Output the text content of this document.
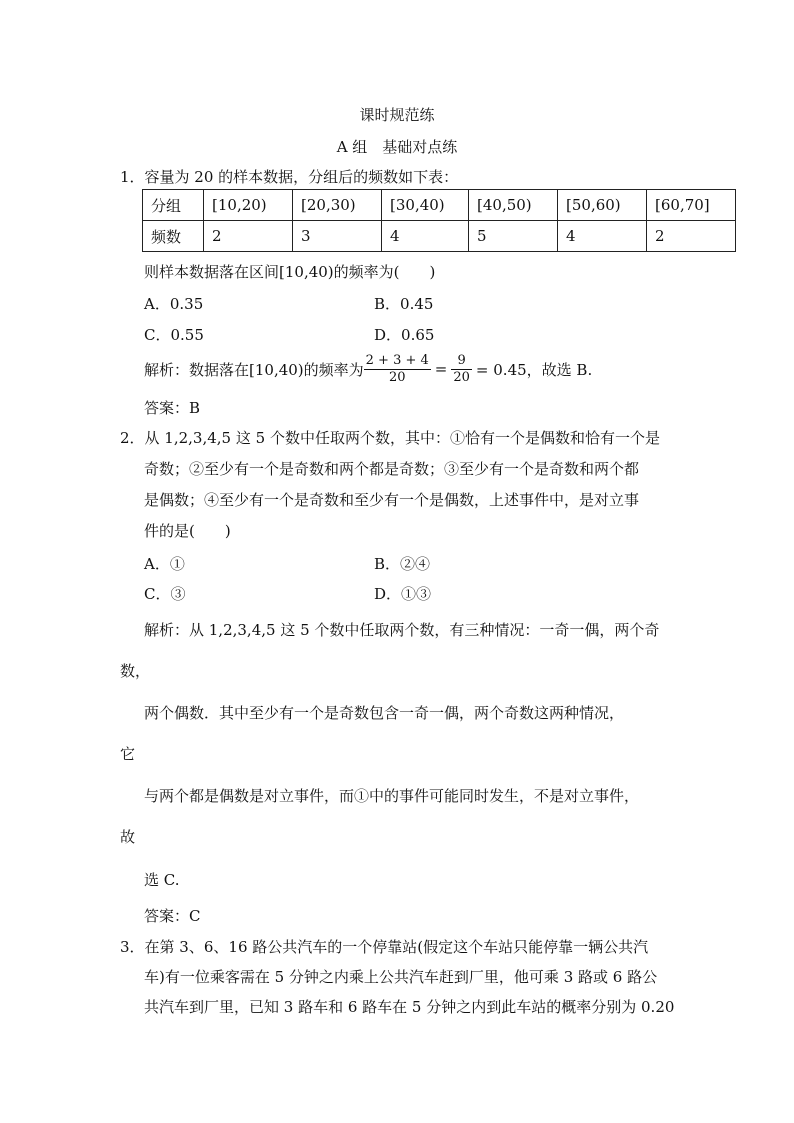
课时规范练
A 组　基础对点练
1．容量为 20 的样本数据，分组后的频数如下表：
分组	[10,20)	[20,30)	[30,40)	[40,50)	[50,60)	[60,70]
频数	2	3	4	5	4	2
则样本数据落在区间[10,40)的频率为(　　)
A．0.35	B．0.45
C．0.55	D．0.65
解析：数据落在[10,40)的频率为 $\frac{2 + 3 + 4}{20} = \frac{9}{20} = 0.45$，故选 B.
答案：B
2．从 1,2,3,4,5 这 5 个数中任取两个数，其中：①恰有一个是偶数和恰有一个是
奇数；②至少有一个是奇数和两个都是奇数；③至少有一个是奇数和两个都
是偶数；④至少有一个是奇数和至少有一个是偶数，上述事件中，是对立事
件的是(　　)
A．①	B．②④
C．③	D．①③
解析：从 1,2,3,4,5 这 5 个数中任取两个数，有三种情况：一奇一偶，两个奇
数，
两个偶数．其中至少有一个是奇数包含一奇一偶，两个奇数这两种情况，
它
与两个都是偶数是对立事件，而①中的事件可能同时发生，不是对立事件，
故
选 C.
答案：C
3．在第 3、6、16 路公共汽车的一个停靠站(假定这个车站只能停靠一辆公共汽
车)有一位乘客需在 5 分钟之内乘上公共汽车赶到厂里，他可乘 3 路或 6 路公
共汽车到厂里，已知 3 路车和 6 路车在 5 分钟之内到此车站的概率分别为 0.20
